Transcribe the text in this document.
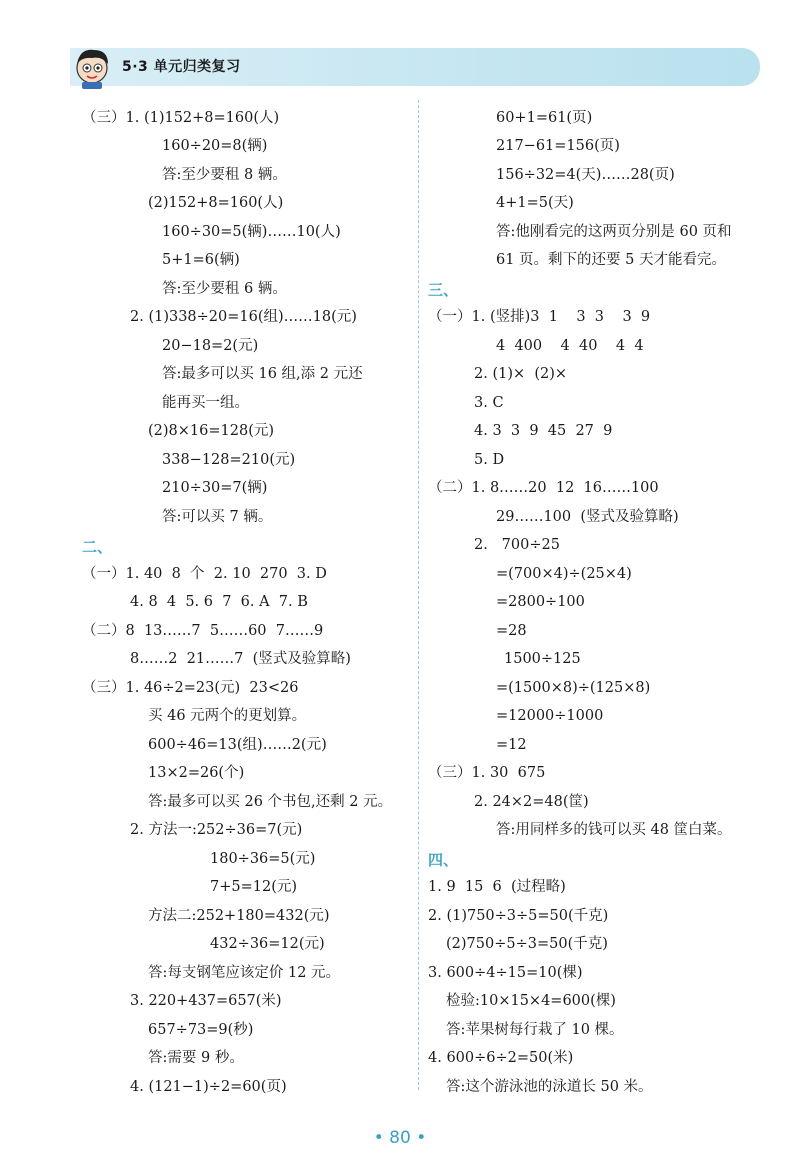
5·3 单元归类复习
（三）1. (1)152+8=160(人)
160÷20=8(辆)
答:至少要租 8 辆。
(2)152+8=160(人)
160÷30=5(辆)……10(人)
5+1=6(辆)
答:至少要租 6 辆。
2. (1)338÷20=16(组)……18(元)
20−18=2(元)
答:最多可以买 16 组,添 2 元还
能再买一组。
(2)8×16=128(元)
338−128=210(元)
210÷30=7(辆)
答:可以买 7 辆。
二、
（一）1. 40  8  个  2. 10  270  3. D
4. 8  4  5. 6  7  6. A  7. B
（二）8  13……7  5……60  7……9
8……2  21……7  (竖式及验算略)
（三）1. 46÷2=23(元)  23<26
买 46 元两个的更划算。
600÷46=13(组)……2(元)
13×2=26(个)
答:最多可以买 26 个书包,还剩 2 元。
2. 方法一:252÷36=7(元)
180÷36=5(元)
7+5=12(元)
方法二:252+180=432(元)
432÷36=12(元)
答:每支钢笔应该定价 12 元。
3. 220+437=657(米)
657÷73=9(秒)
答:需要 9 秒。
4. (121−1)÷2=60(页)
60+1=61(页)
217−61=156(页)
156÷32=4(天)……28(页)
4+1=5(天)
答:他刚看完的这两页分别是 60 页和
61 页。剩下的还要 5 天才能看完。
三、
（一）1. (竖排)3  1    3  3    3  9
4  400    4  40    4  4
2. (1)×  (2)×
3. C
4. 3  3  9  45  27  9
5. D
（二）1. 8……20  12  16……100
29……100  (竖式及验算略)
2.   700÷25
=(700×4)÷(25×4)
=2800÷100
=28
1500÷125
=(1500×8)÷(125×8)
=12000÷1000
=12
（三）1. 30  675
2. 24×2=48(筐)
答:用同样多的钱可以买 48 筐白菜。
四、
1. 9  15  6  (过程略)
2. (1)750÷3÷5=50(千克)
(2)750÷5÷3=50(千克)
3. 600÷4÷15=10(棵)
检验:10×15×4=600(棵)
答:苹果树每行栽了 10 棵。
4. 600÷6÷2=50(米)
答:这个游泳池的泳道长 50 米。
• 80 •
